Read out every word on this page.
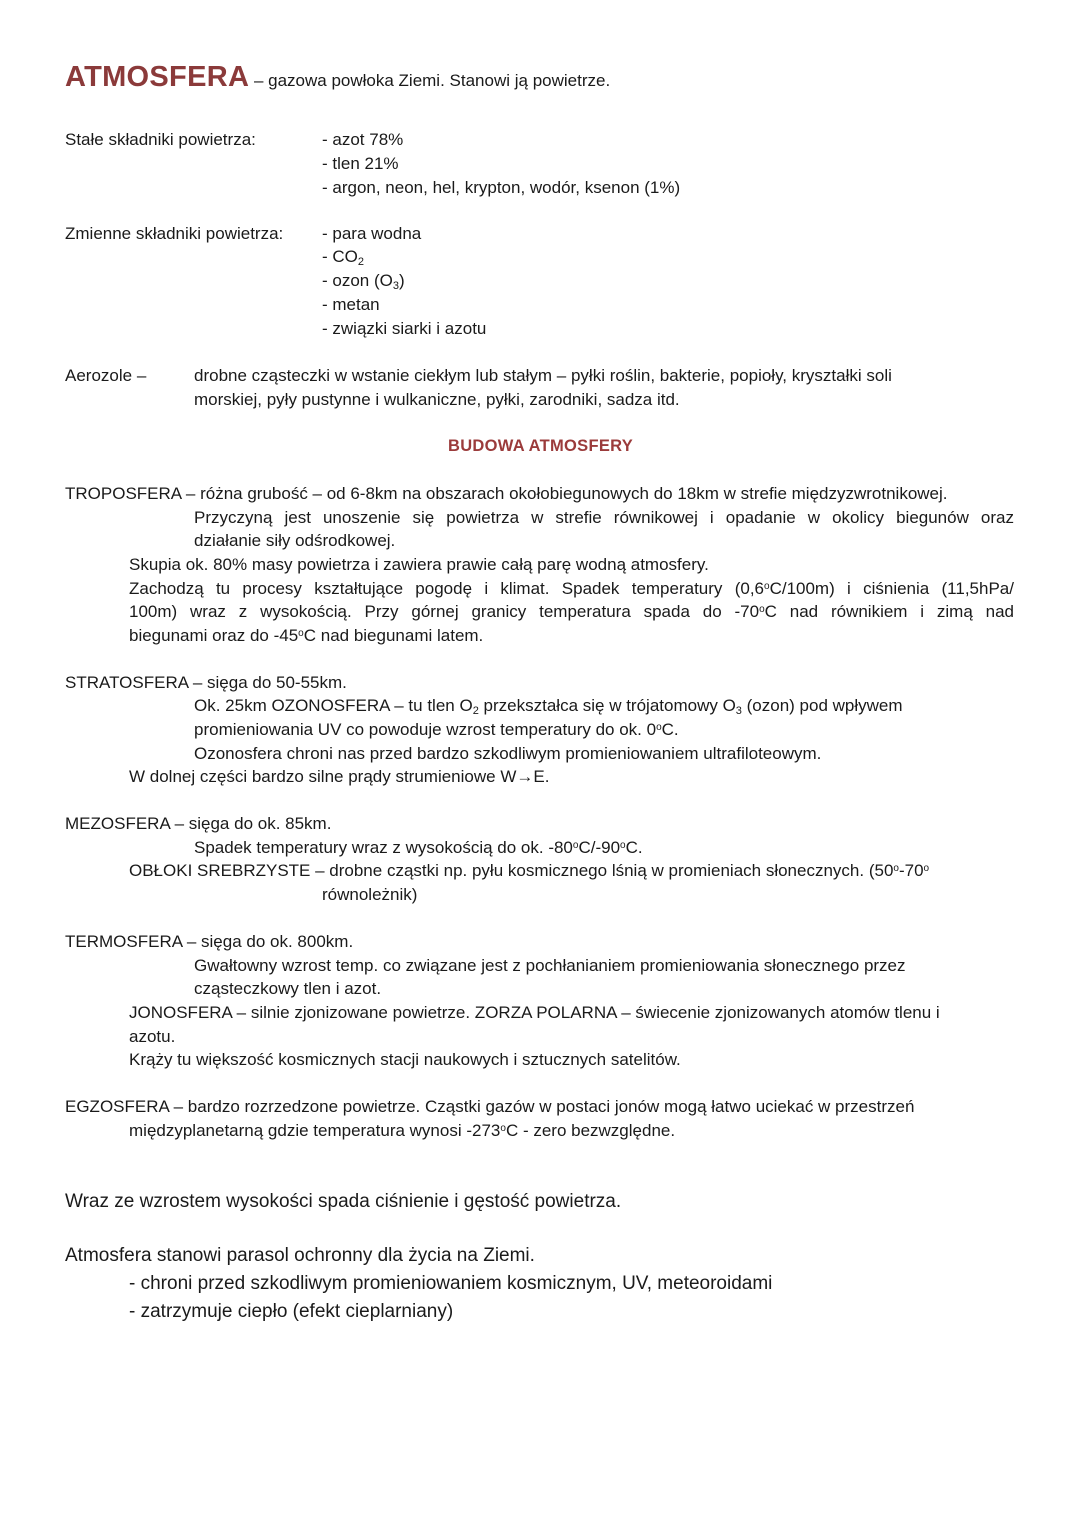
ATMOSFERA – gazowa powłoka Ziemi. Stanowi ją powietrze.
Stałe składniki powietrza:	- azot 78%
- tlen 21%
- argon, neon, hel, krypton, wodór, ksenon (1%)
Zmienne składniki powietrza: - para wodna
- $CO_2$
- ozon $(O_3)$
- metan
- związki siarki i azotu
Aerozole –	drobne cząsteczki w wstanie ciekłym lub stałym – pyłki roślin, bakterie, popioły, kryształki soli
morskiej, pyły pustynne i wulkaniczne, pyłki, zarodniki, sadza itd.
BUDOWA ATMOSFERY
TROPOSFERA – różna grubość – od 6-8km na obszarach okołobiegunowych do 18km w strefie międzyzwrotnikowej.
Przyczyną jest unoszenie się powietrza w strefie równikowej i opadanie w okolicy biegunów oraz
działanie siły odśrodkowej.
Skupia ok. 80% masy powietrza i zawiera prawie całą parę wodną atmosfery.
Zachodzą tu procesy kształtujące pogodę i klimat. Spadek temperatury (0,6$^o$C/100m) i ciśnienia (11,5hPa/
100m) wraz z wysokością. Przy górnej granicy temperatura spada do -70$^o$C nad równikiem i zimą nad
biegunami oraz do -45$^o$C nad biegunami latem.
STRATOSFERA – sięga do 50-55km.
Ok. 25km OZONOSFERA – tu tlen $O_2$ przekształca się w trójatomowy $O_3$ (ozon) pod wpływem
promieniowania UV co powoduje wzrost temperatury do ok. 0$^o$C.
Ozonosfera chroni nas przed bardzo szkodliwym promieniowaniem ultrafiloteowym.
W dolnej części bardzo silne prądy strumieniowe W→E.
MEZOSFERA – sięga do ok. 85km.
Spadek temperatury wraz z wysokością do ok. -80$^o$C/-90$^o$C.
OBŁOKI SREBRZYSTE – drobne cząstki np. pyłu kosmicznego lśnią w promieniach słonecznych. (50$^o$-70$^o$
równoleżnik)
TERMOSFERA – sięga do ok. 800km.
Gwałtowny wzrost temp. co związane jest z pochłanianiem promieniowania słonecznego przez
cząsteczkowy tlen i azot.
JONOSFERA – silnie zjonizowane powietrze. ZORZA POLARNA – świecenie zjonizowanych atomów tlenu i
azotu.
Krąży tu większość kosmicznych stacji naukowych i sztucznych satelitów.
EGZOSFERA – bardzo rozrzedzone powietrze. Cząstki gazów w postaci jonów mogą łatwo uciekać w przestrzeń
międzyplanetarną gdzie temperatura wynosi -273$^o$C - zero bezwzględne.
Wraz ze wzrostem wysokości spada ciśnienie i gęstość powietrza.
Atmosfera stanowi parasol ochronny dla życia na Ziemi.
- chroni przed szkodliwym promieniowaniem kosmicznym, UV, meteoroidami
- zatrzymuje ciepło (efekt cieplarniany)
